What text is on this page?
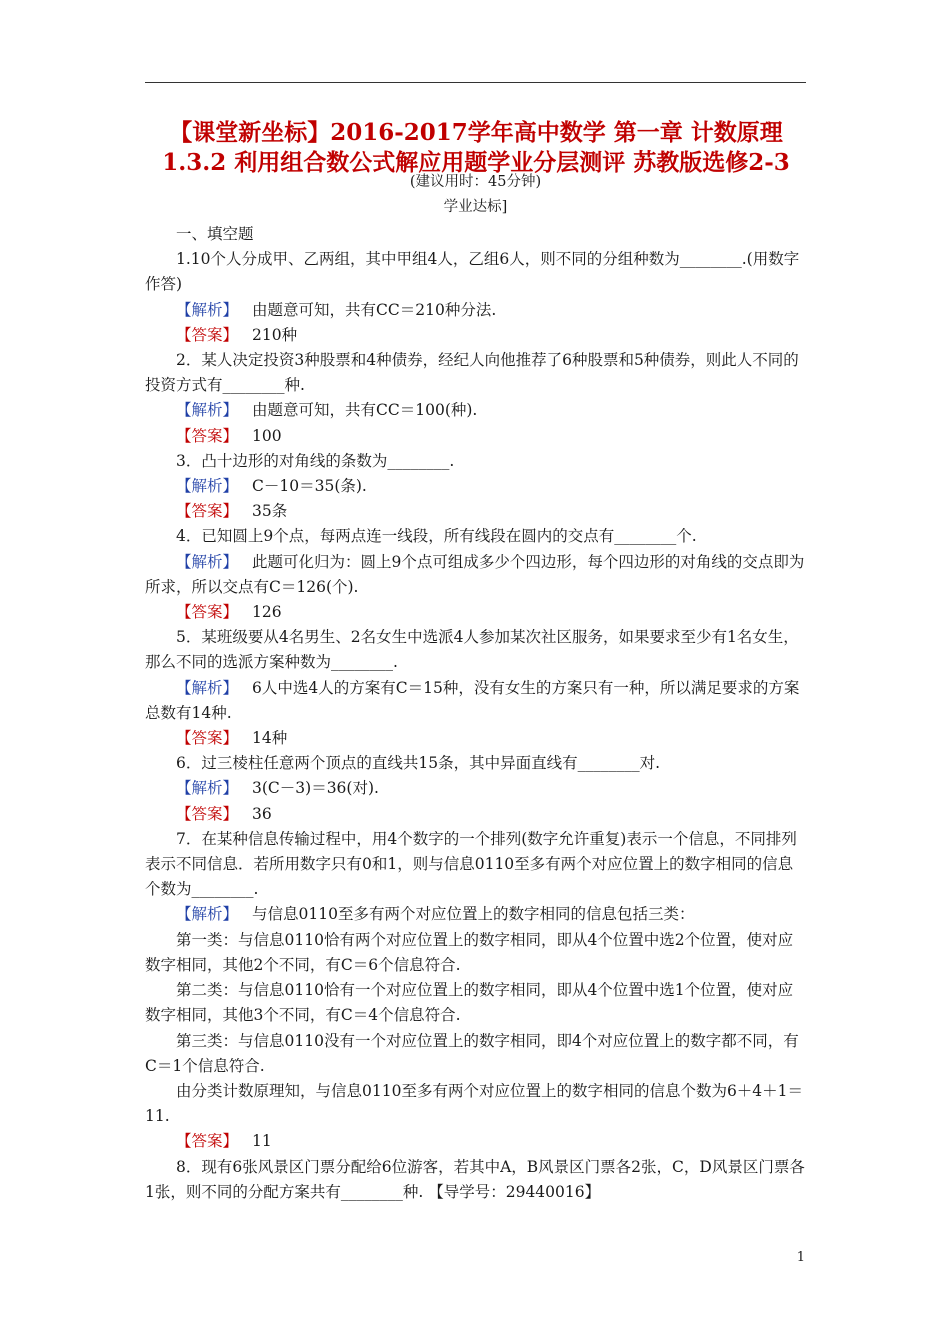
【课堂新坐标】2016-2017学年高中数学 第一章 计数原理 1.3.2 利用组合数公式解应用题学业分层测评 苏教版选修2-3
(建议用时：45分钟)
学业达标]

一、填空题

1.10个人分成甲、乙两组，其中甲组4人，乙组6人，则不同的分组种数为________.(用数字作答)

【解析】 由题意可知，共有CC＝210种分法.

【答案】 210种

2．某人决定投资3种股票和4种债券，经纪人向他推荐了6种股票和5种债券，则此人不同的投资方式有________种.

【解析】 由题意可知，共有CC＝100(种).

【答案】 100

3．凸十边形的对角线的条数为________.

【解析】 C－10＝35(条).

【答案】 35条

4．已知圆上9个点，每两点连一线段，所有线段在圆内的交点有________个.

【解析】 此题可化归为：圆上9个点可组成多少个四边形，每个四边形的对角线的交点即为所求，所以交点有C＝126(个).

【答案】 126

5．某班级要从4名男生、2名女生中选派4人参加某次社区服务，如果要求至少有1名女生，那么不同的选派方案种数为________.

【解析】 6人中选4人的方案有C＝15种，没有女生的方案只有一种，所以满足要求的方案总数有14种.

【答案】 14种

6．过三棱柱任意两个顶点的直线共15条，其中异面直线有________对.

【解析】 3(C－3)＝36(对).

【答案】 36

7．在某种信息传输过程中，用4个数字的一个排列(数字允许重复)表示一个信息，不同排列表示不同信息．若所用数字只有0和1，则与信息0110至多有两个对应位置上的数字相同的信息个数为________.

【解析】 与信息0110至多有两个对应位置上的数字相同的信息包括三类：

第一类：与信息0110恰有两个对应位置上的数字相同，即从4个位置中选2个位置，使对应数字相同，其他2个不同，有C＝6个信息符合.

第二类：与信息0110恰有一个对应位置上的数字相同，即从4个位置中选1个位置，使对应数字相同，其他3个不同，有C＝4个信息符合.

第三类：与信息0110没有一个对应位置上的数字相同，即4个对应位置上的数字都不同，有C＝1个信息符合.

由分类计数原理知，与信息0110至多有两个对应位置上的数字相同的信息个数为6＋4＋1＝11.

【答案】 11

8．现有6张风景区门票分配给6位游客，若其中A，B风景区门票各2张，C，D风景区门票各1张，则不同的分配方案共有________种. 【导学号：29440016】

1
